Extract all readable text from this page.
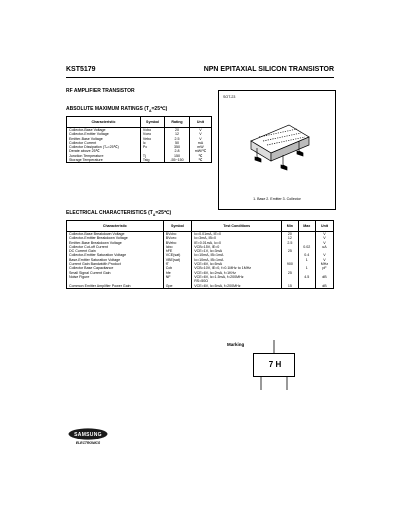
KST5179	NPN EPITAXIAL SILICON TRANSISTOR
RF AMPLIFIER TRANSISTOR
ABSOLUTE MAXIMUM RATINGS $(T_A=25℃)$
Characteristic	Symbol	Rating	Unit
Collector-Base Voltage	Vcbo	20	V
Collector-Emitter Voltage	Vceo	12	V
Emitter-Base Voltage	Vebo	2.5	V
Collector Current	Ic	50	mA
Collector Dissipation (Tₐ=25℃)	Pc	350	mW
Derate above 25℃		2.8	mW/℃
Junction Temperature	Tj	150	℃
Storage Temperature	Tstg	-55~150	℃
SOT-23
1. Base 2. Emitter 3. Collector
ELECTRICAL CHARACTERISTICS $(T_A=25℃)$
Characteristic	Symbol	Test Conditions	Min	Max	Unit
Collector-Base Breakdown Voltage	BVcbo	Ic=0.01mA, IE=0	20		V
Collector-Emitter Breakdown Voltage	BVceo	Ic=3mA, IB=0	12		V
Emitter-Base Breakdown Voltage	BVebo	IE=0.01mA, Ic=0	2.5		V
Collector Cut-off Current	Icbo	VCB=15V, IE=0		0.02	uA
DC Current Gain	hFE	VCE=1V, Ic=3mA	25		
Collector-Emitter Saturation Voltage	VCE(sat)	Ic=10mA, IB=1mA		0.4	V
Base-Emitter Saturation Voltage	VBE(sat)	Ic=10mA, IB=1mA		1	V
Current Gain Bandwidth Product	fT	VCE=6V, Ic=5mA	900		MHz
Collector Base Capacitance	Ccb	VCB=10V, IE=0, f=0.1MHz to 1MHz		1	pF
Small Signal Current Gain	hfe	VCE=6V, Ic=2mA, f=1KHz	25		
Noise Figure	NF	VCE=6V, Ic=1.5mA, f=200MHz		4.5	dB
		RS=50Ω			
Common Emitter Amplifier Power Gain	Gpe	VCE=6V, Ic=5mA, f=200MHz	15		dB
Marking
7 H
SAMSUNG
ELECTRONICS
